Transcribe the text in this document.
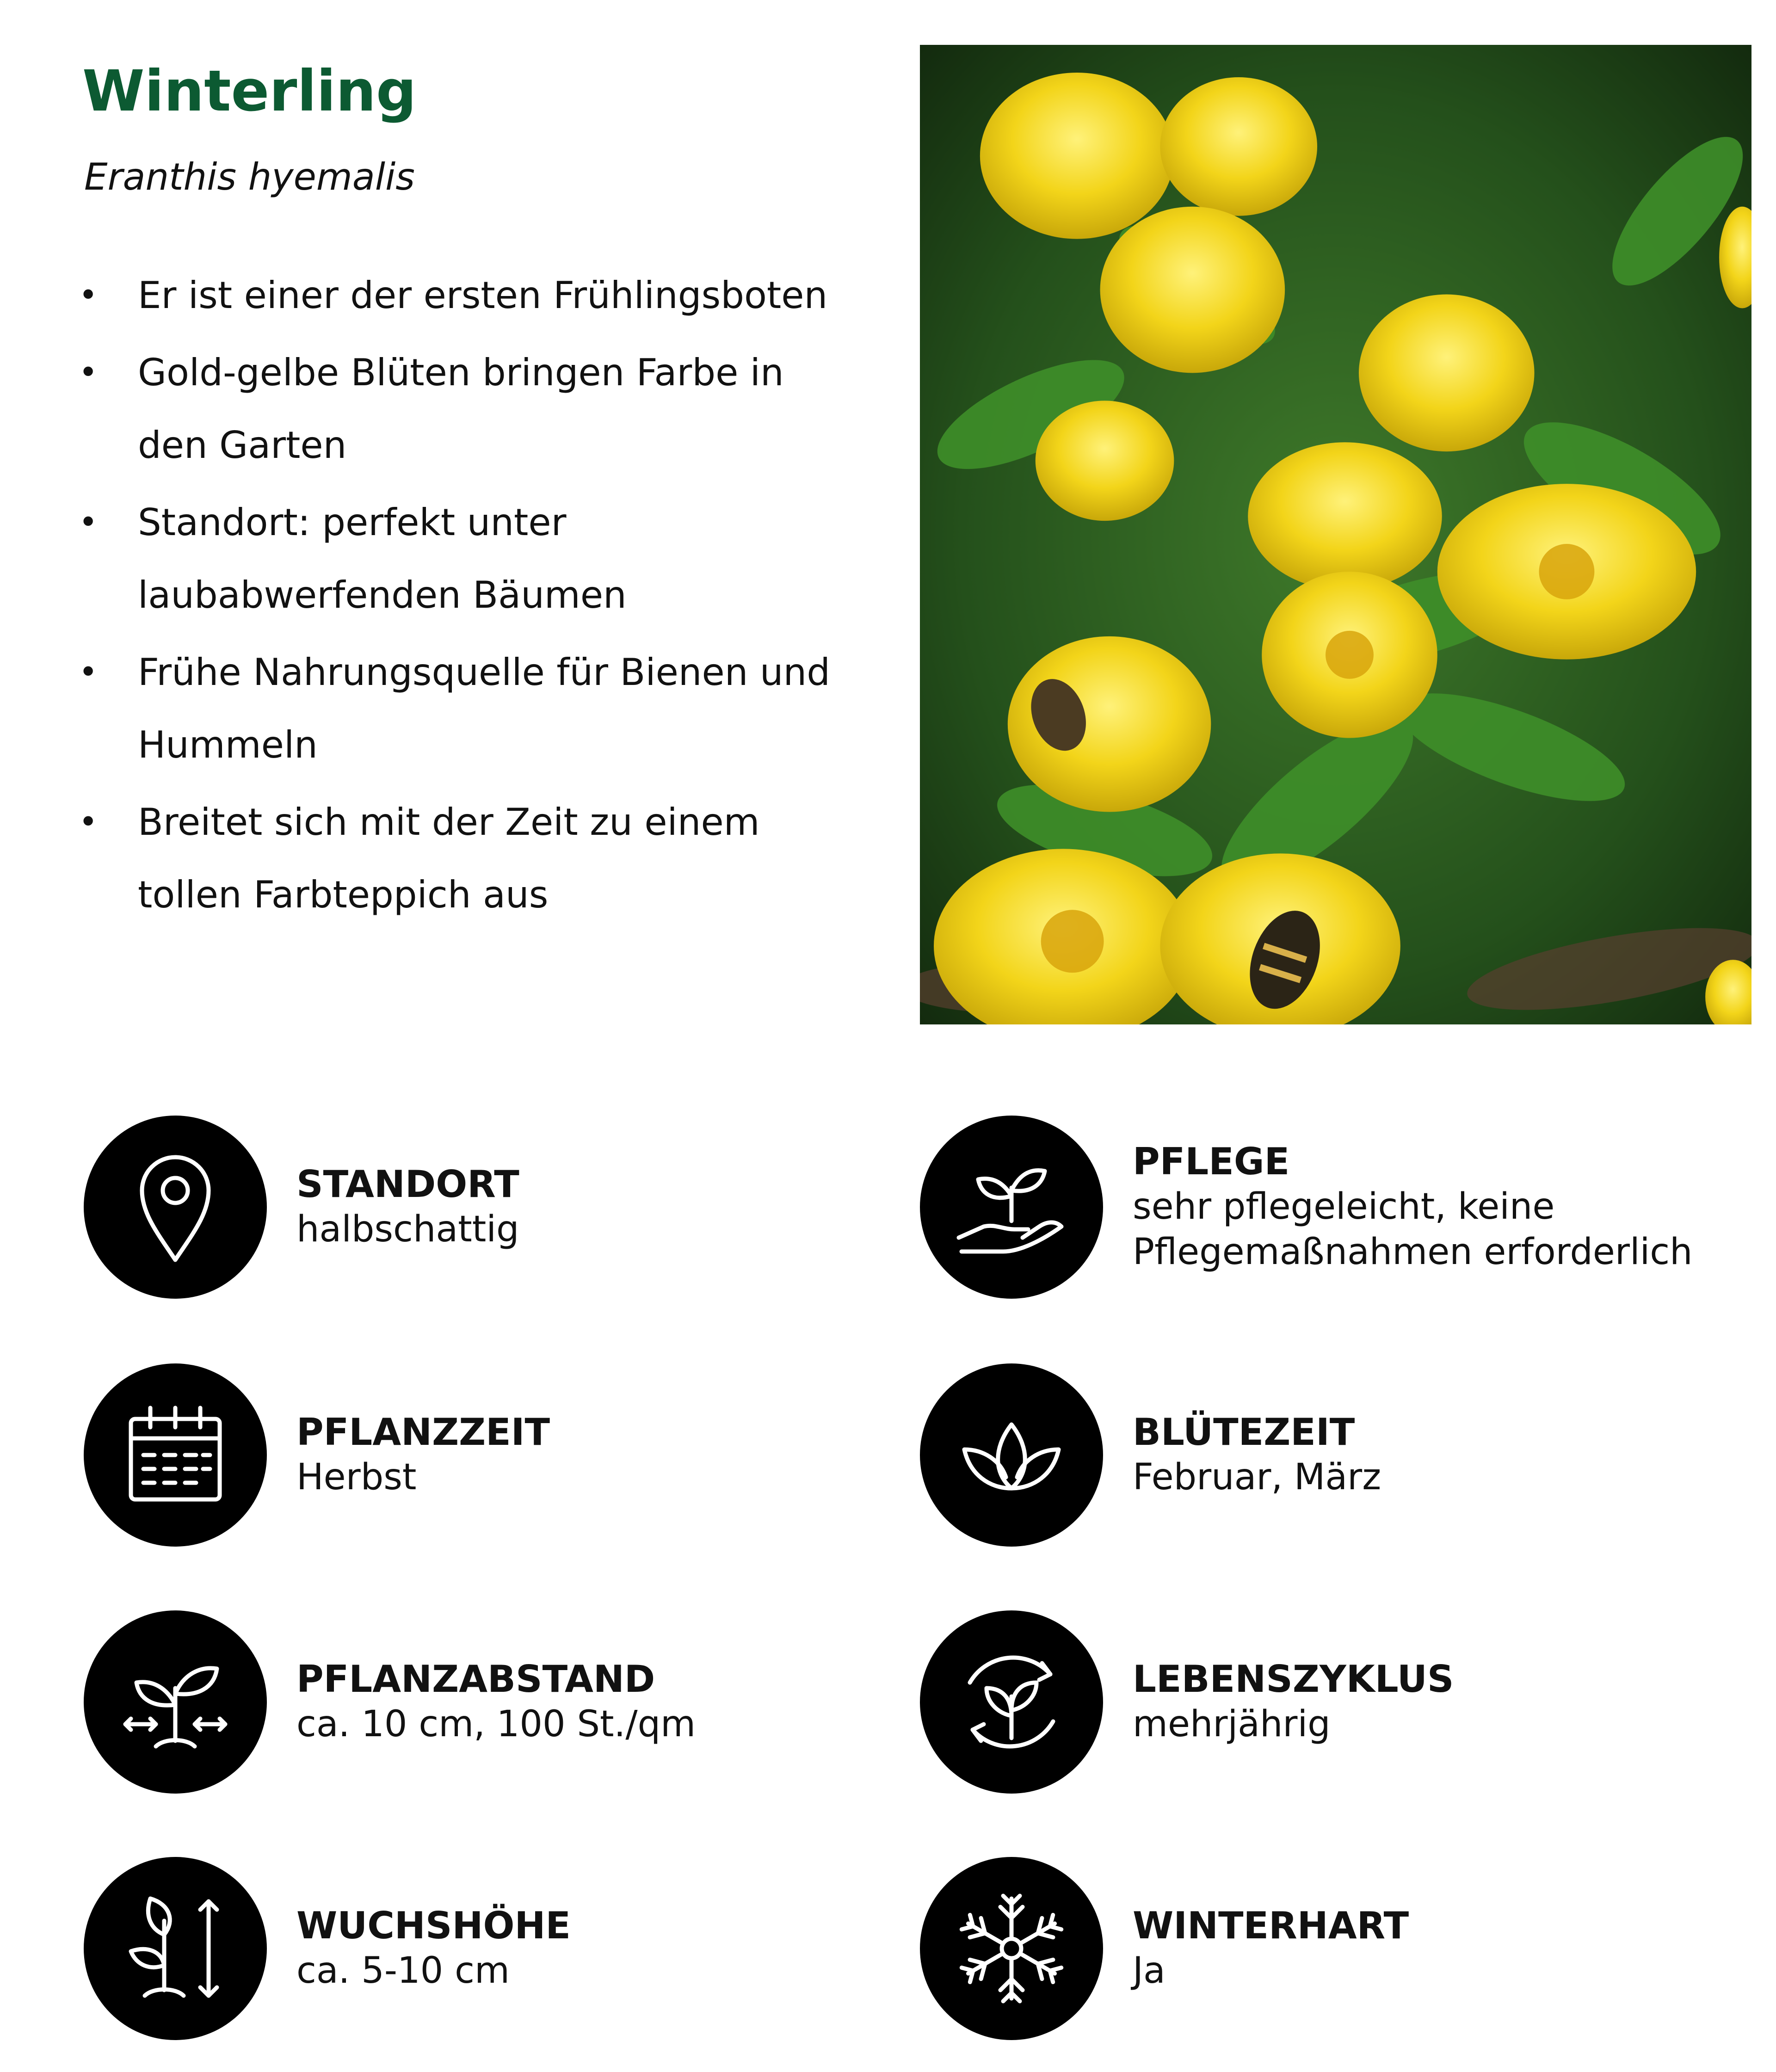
Winterling
Eranthis hyemalis
• Er ist einer der ersten Frühlingsboten
• Gold-gelbe Blüten bringen Farbe in den Garten
• Standort: perfekt unter laubabwerfenden Bäumen
• Frühe Nahrungsquelle für Bienen und Hummeln
• Breitet sich mit der Zeit zu einem tollen Farbteppich aus
STANDORT
halbschattig
PFLANZZEIT
Herbst
PFLANZABSTAND
ca. 10 cm, 100 St./qm
WUCHSHÖHE
ca. 5-10 cm
PFLEGE
sehr pflegeleicht, keine
Pflegemaßnahmen erforderlich
BLÜTEZEIT
Februar, März
LEBENSZYKLUS
mehrjährig
WINTERHART
Ja
